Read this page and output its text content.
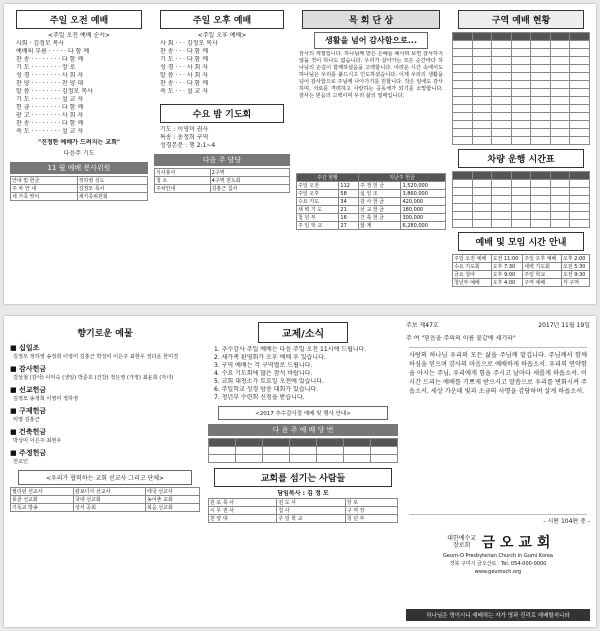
주일 오전 예배
<주일 오전 예배 순서>
사회 · 김정모 목사
예배의 부름 · · · · · 다 함 께
찬 송 · · · · · · · · 다 함 께
기 도 · · · · · · · · 장 로
성 경 · · · · · · · · 사 회 자
찬 양 · · · · · · · · 찬 양 대
말 씀 · · · · · · · · 김정모 목사
기 도 · · · · · · · · 설 교 자
헌 금 · · · · · · · · 다 함 께
광 고 · · · · · · · · 사 회 자
찬 송 · · · · · · · · 다 함 께
축 도 · · · · · · · · 설 교 자
"진정한 예배가 드려지는 교회"
다음주 기도
11 월 예배 봉사위원
안내 및 헌금	정하영 성도
주 차 안 내	김정모 목사
새 가족 맞이	새가족위원회
주일 오후 예배
<주일 오후 예배>
사 회 · · · 김정모 목사
찬 송 · · · 다 함 께
기 도 · · · 다 함 께
성 경 · · · 사 회 자
말 씀 · · · 사 회 자
찬 송 · · · 다 함 께
축 도 · · · 설 교 자
수요 밤 기도회
기도 : 이영미 권사
특송 : 송정희 구역
성경본문 : 행 2:1~4
다음 주 담당
식사봉사	2구역
청 소	4구역 전도회
주차안내	김홍근 집사
목 회 단 상
생활을 넘어 감사함으로...
감사의 계절입니다. 하나님께 받은 은혜를 헤아려 보면 감사하지 않을 것이 하나도 없습니다. 우리가 살아가는 모든 순간마다 하나님의 손길이 함께하셨음을 고백합니다. 어려운 시간 속에서도 하나님은 우리를 붙드시고 인도하셨습니다. 이제 우리의 생활을 넘어 감사함으로 주님께 나아가기를 원합니다. 작은 일에도 감사하며, 서로를 격려하고 사랑하는 공동체가 되기를 소망합니다. 감사는 믿음의 고백이며 우리 삶의 열매입니다.
주간 현황		지난주 헌금	
주일 오전	112	주 정 헌 금	1,520,000
주일 오후	58	십 일 조	3,860,000
수요 기도	34	감 사 헌 금	420,000
새 벽 기 도	21	선 교 헌 금	180,000
청 년 부	16	건 축 헌 금	300,000
주 일 학 교	27	합 계	6,280,000
구역 예배 현황

차량 운행 시간표

예배 및 모임 시간 안내
주일 오전 예배	오전 11:00	주일 오후 예배	오후 2:00
수요 기도회	오후 7:30	새벽 기도회	오전 5:30
금요 철야	오후 9:00	주일 학교	오전 9:30
청년부 예배	오후 4:00	구역 예배	각 구역
향기로운 예물
■ 십일조
김정모 정하영 송정희 이영미 김홍근 박성미 이은주 최현우 정다운 한미경
■ 감사헌금
김상철 (감사) 이미숙 (생일) 박준호 (건강) 정은영 (가정) 최윤희 (자녀)
■ 선교헌금
김정모 송정희 이영미 정하영
■ 구제헌금
익명 김홍근
■ 건축헌금
박성미 이은주 최현우
■ 주정헌금
전교인
<우리가 협력하는 교회 선교사 그리고 단체>
필리핀 선교사	캄보디아 선교사	태국 선교사
몽골 선교회	국내 선교회	농어촌 교회
기독교 방송	성서 공회	복음 선교회
교제/소식
1. 추수감사 주일 예배는 다음 주일 오전 11시에 드립니다.
2. 새가족 환영회가 오후 예배 후 있습니다.
3. 구역 예배는 각 구역별로 드립니다.
4. 수요 기도회에 많은 참석 바랍니다.
5. 교회 대청소가 토요일 오전에 있습니다.
6. 주일학교 성경 암송 대회가 있습니다.
7. 청년부 수련회 신청을 받습니다.
<2017 추수감사절 예배 및 행사 안내>
다 음 주 예 배 당 번

교회를 섬기는 사람들
담임목사 : 김 정 모
원 로 목 사	전 도 사	장 로
시 무 권 사	집 사	구 역 장
찬 양 대	주 일 학 교	청 년 부
주보 제47호	2017년 11월 19일
주 여 "믿음을 주의의 이름 붙같에 세기라"
사랑의 하나님 우리의 모든 삶을 주님께 맡깁니다. 주님께서 함께하심을 믿으며 감사의 마음으로 예배하게 하옵소서. 우리의 연약함을 아시는 주님, 우리에게 힘을 주시고 날마다 새롭게 하옵소서. 이 시간 드리는 예배를 기쁘게 받으시고 말씀으로 우리를 변화시켜 주옵소서. 세상 가운데 빛과 소금의 사명을 감당하며 살게 하옵소서.
- 시편 104편 중 -
대한예수교 장로회 금 오 교 회
Geum-O Presbyterian Church in Gumi Korea
경북 구미시 금오산로 · Tel. 054-000-0000
www.geumoch.org
하나님은 영이시니 예배하는 자가 영과 진리로 예배할지니라
